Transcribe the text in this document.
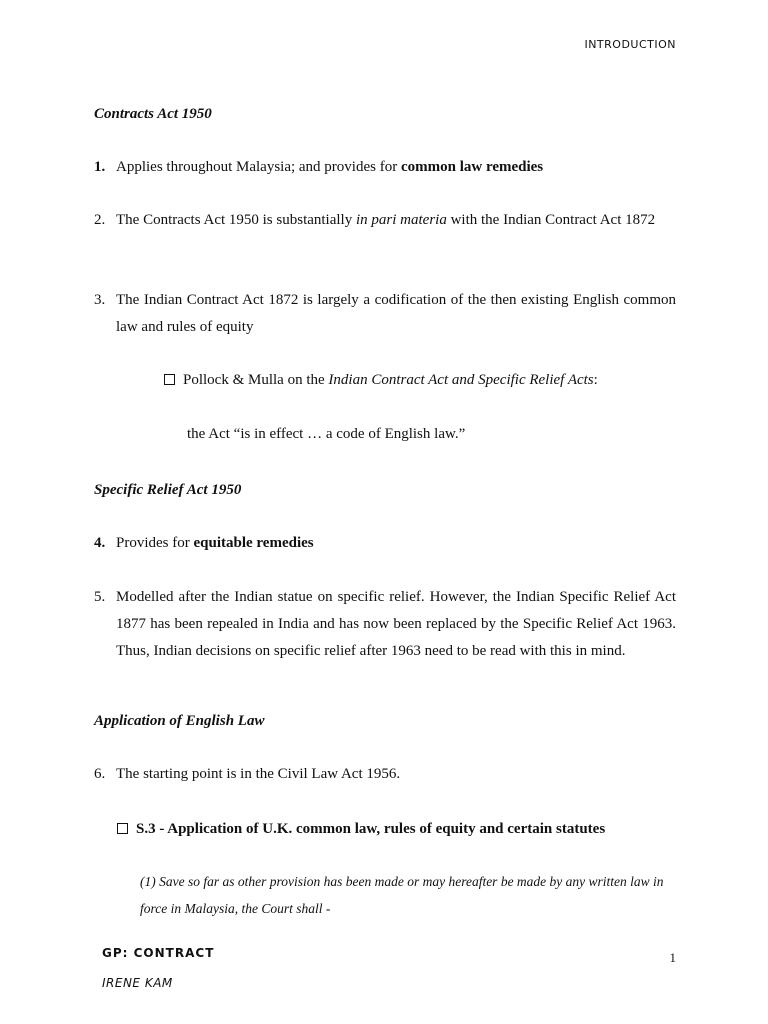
INTRODUCTION
Contracts Act 1950
1. Applies throughout Malaysia; and provides for common law remedies
2. The Contracts Act 1950 is substantially in pari materia with the Indian Contract Act 1872
3. The Indian Contract Act 1872 is largely a codification of the then existing English common law and rules of equity
Pollock & Mulla on the Indian Contract Act and Specific Relief Acts:
the Act “is in effect … a code of English law.”
Specific Relief Act 1950
4. Provides for equitable remedies
5. Modelled after the Indian statue on specific relief. However, the Indian Specific Relief Act 1877 has been repealed in India and has now been replaced by the Specific Relief Act 1963. Thus, Indian decisions on specific relief after 1963 need to be read with this in mind.
Application of English Law
6. The starting point is in the Civil Law Act 1956.
S.3 - Application of U.K. common law, rules of equity and certain statutes
(1) Save so far as other provision has been made or may hereafter be made by any written law in force in Malaysia, the Court shall -
GP: CONTRACT	1
IRENE KAM
